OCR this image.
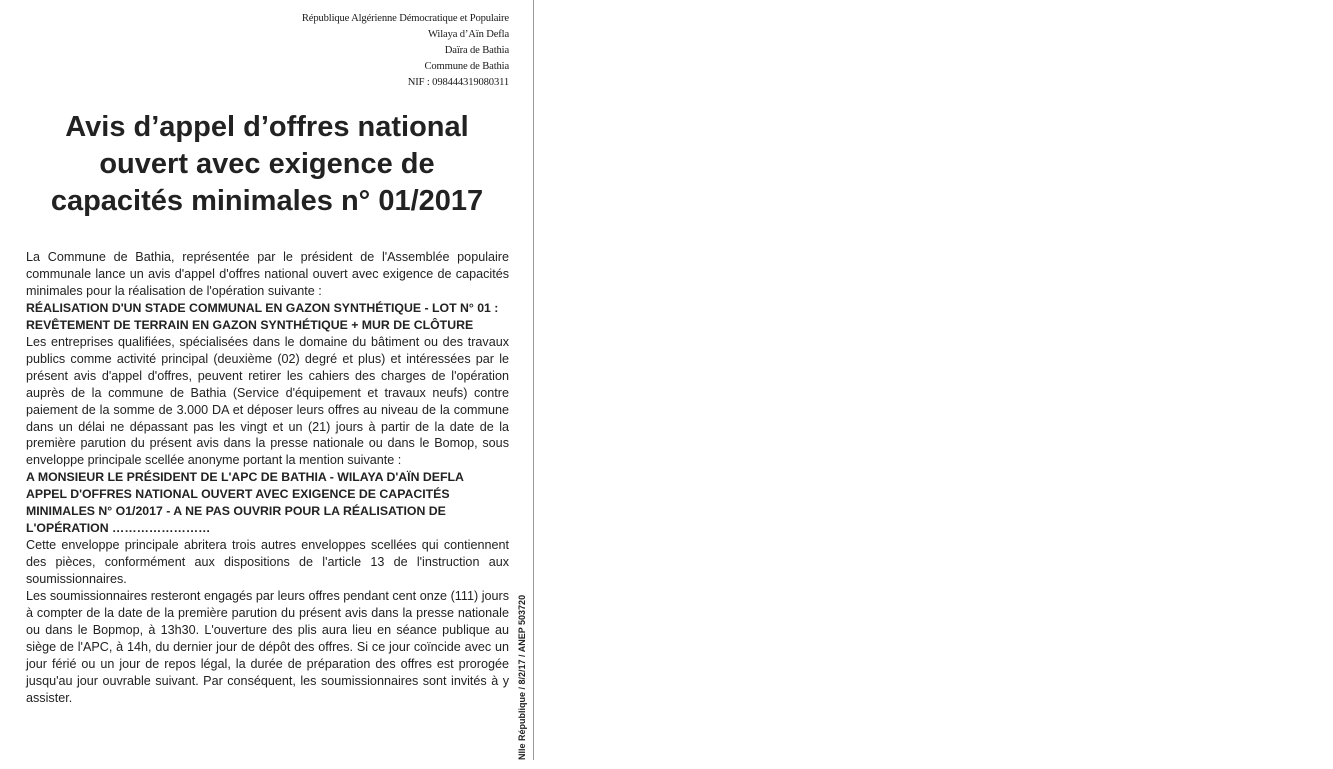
République Algérienne Démocratique et Populaire
Wilaya d’Aïn Defla
Daïra de Bathia
Commune de Bathia
NIF : 098444319080311
Avis d’appel d’offres national
ouvert avec exigence de
capacités minimales n° 01/2017
La Commune de Bathia, représentée par le président de l'Assemblée populaire communale lance un avis d'appel d'offres national ouvert avec exigence de capacités minimales pour la réalisation de l'opération suivante :
RÉALISATION D'UN STADE COMMUNAL EN GAZON SYNTHÉTIQUE - LOT N° 01 :
REVÊTEMENT DE TERRAIN EN GAZON SYNTHÉTIQUE + MUR DE CLÔTURE
Les entreprises qualifiées, spécialisées dans le domaine du bâtiment ou des travaux publics comme activité principal (deuxième (02) degré et plus) et intéressées par le présent avis d'appel d'offres, peuvent retirer les cahiers des charges de l'opération auprès de la commune de Bathia (Service d'équipement et travaux neufs) contre paiement de la somme de 3.000 DA et déposer leurs offres au niveau de la commune dans un délai ne dépassant pas les vingt et un (21) jours à partir de la date de la première parution du présent avis dans la presse nationale ou dans le Bomop, sous enveloppe principale scellée anonyme portant la mention suivante :
A MONSIEUR LE PRÉSIDENT DE L'APC DE BATHIA - WILAYA D'AÏN DEFLA
APPEL D'OFFRES NATIONAL OUVERT AVEC EXIGENCE DE CAPACITÉS
MINIMALES N° O1/2017 - A NE PAS OUVRIR POUR LA RÉALISATION DE
L'OPÉRATION ……………………
Cette enveloppe principale abritera trois autres enveloppes scellées qui contiennent des pièces, conformément aux dispositions de l'article 13 de l'instruction aux soumissionnaires.
Les soumissionnaires resteront engagés par leurs offres pendant cent onze (111) jours à compter de la date de la première parution du présent avis dans la presse nationale ou dans le Bopmop, à 13h30. L'ouverture des plis aura lieu en séance publique au siège de l'APC, à 14h, du dernier jour de dépôt des offres. Si ce jour coïncide avec un jour férié ou un jour de repos légal, la durée de préparation des offres est prorogée jusqu'au jour ouvrable suivant. Par conséquent, les soumissionnaires sont invités à y assister.	Nlle République / 8/2/17 / ANEP 503720
